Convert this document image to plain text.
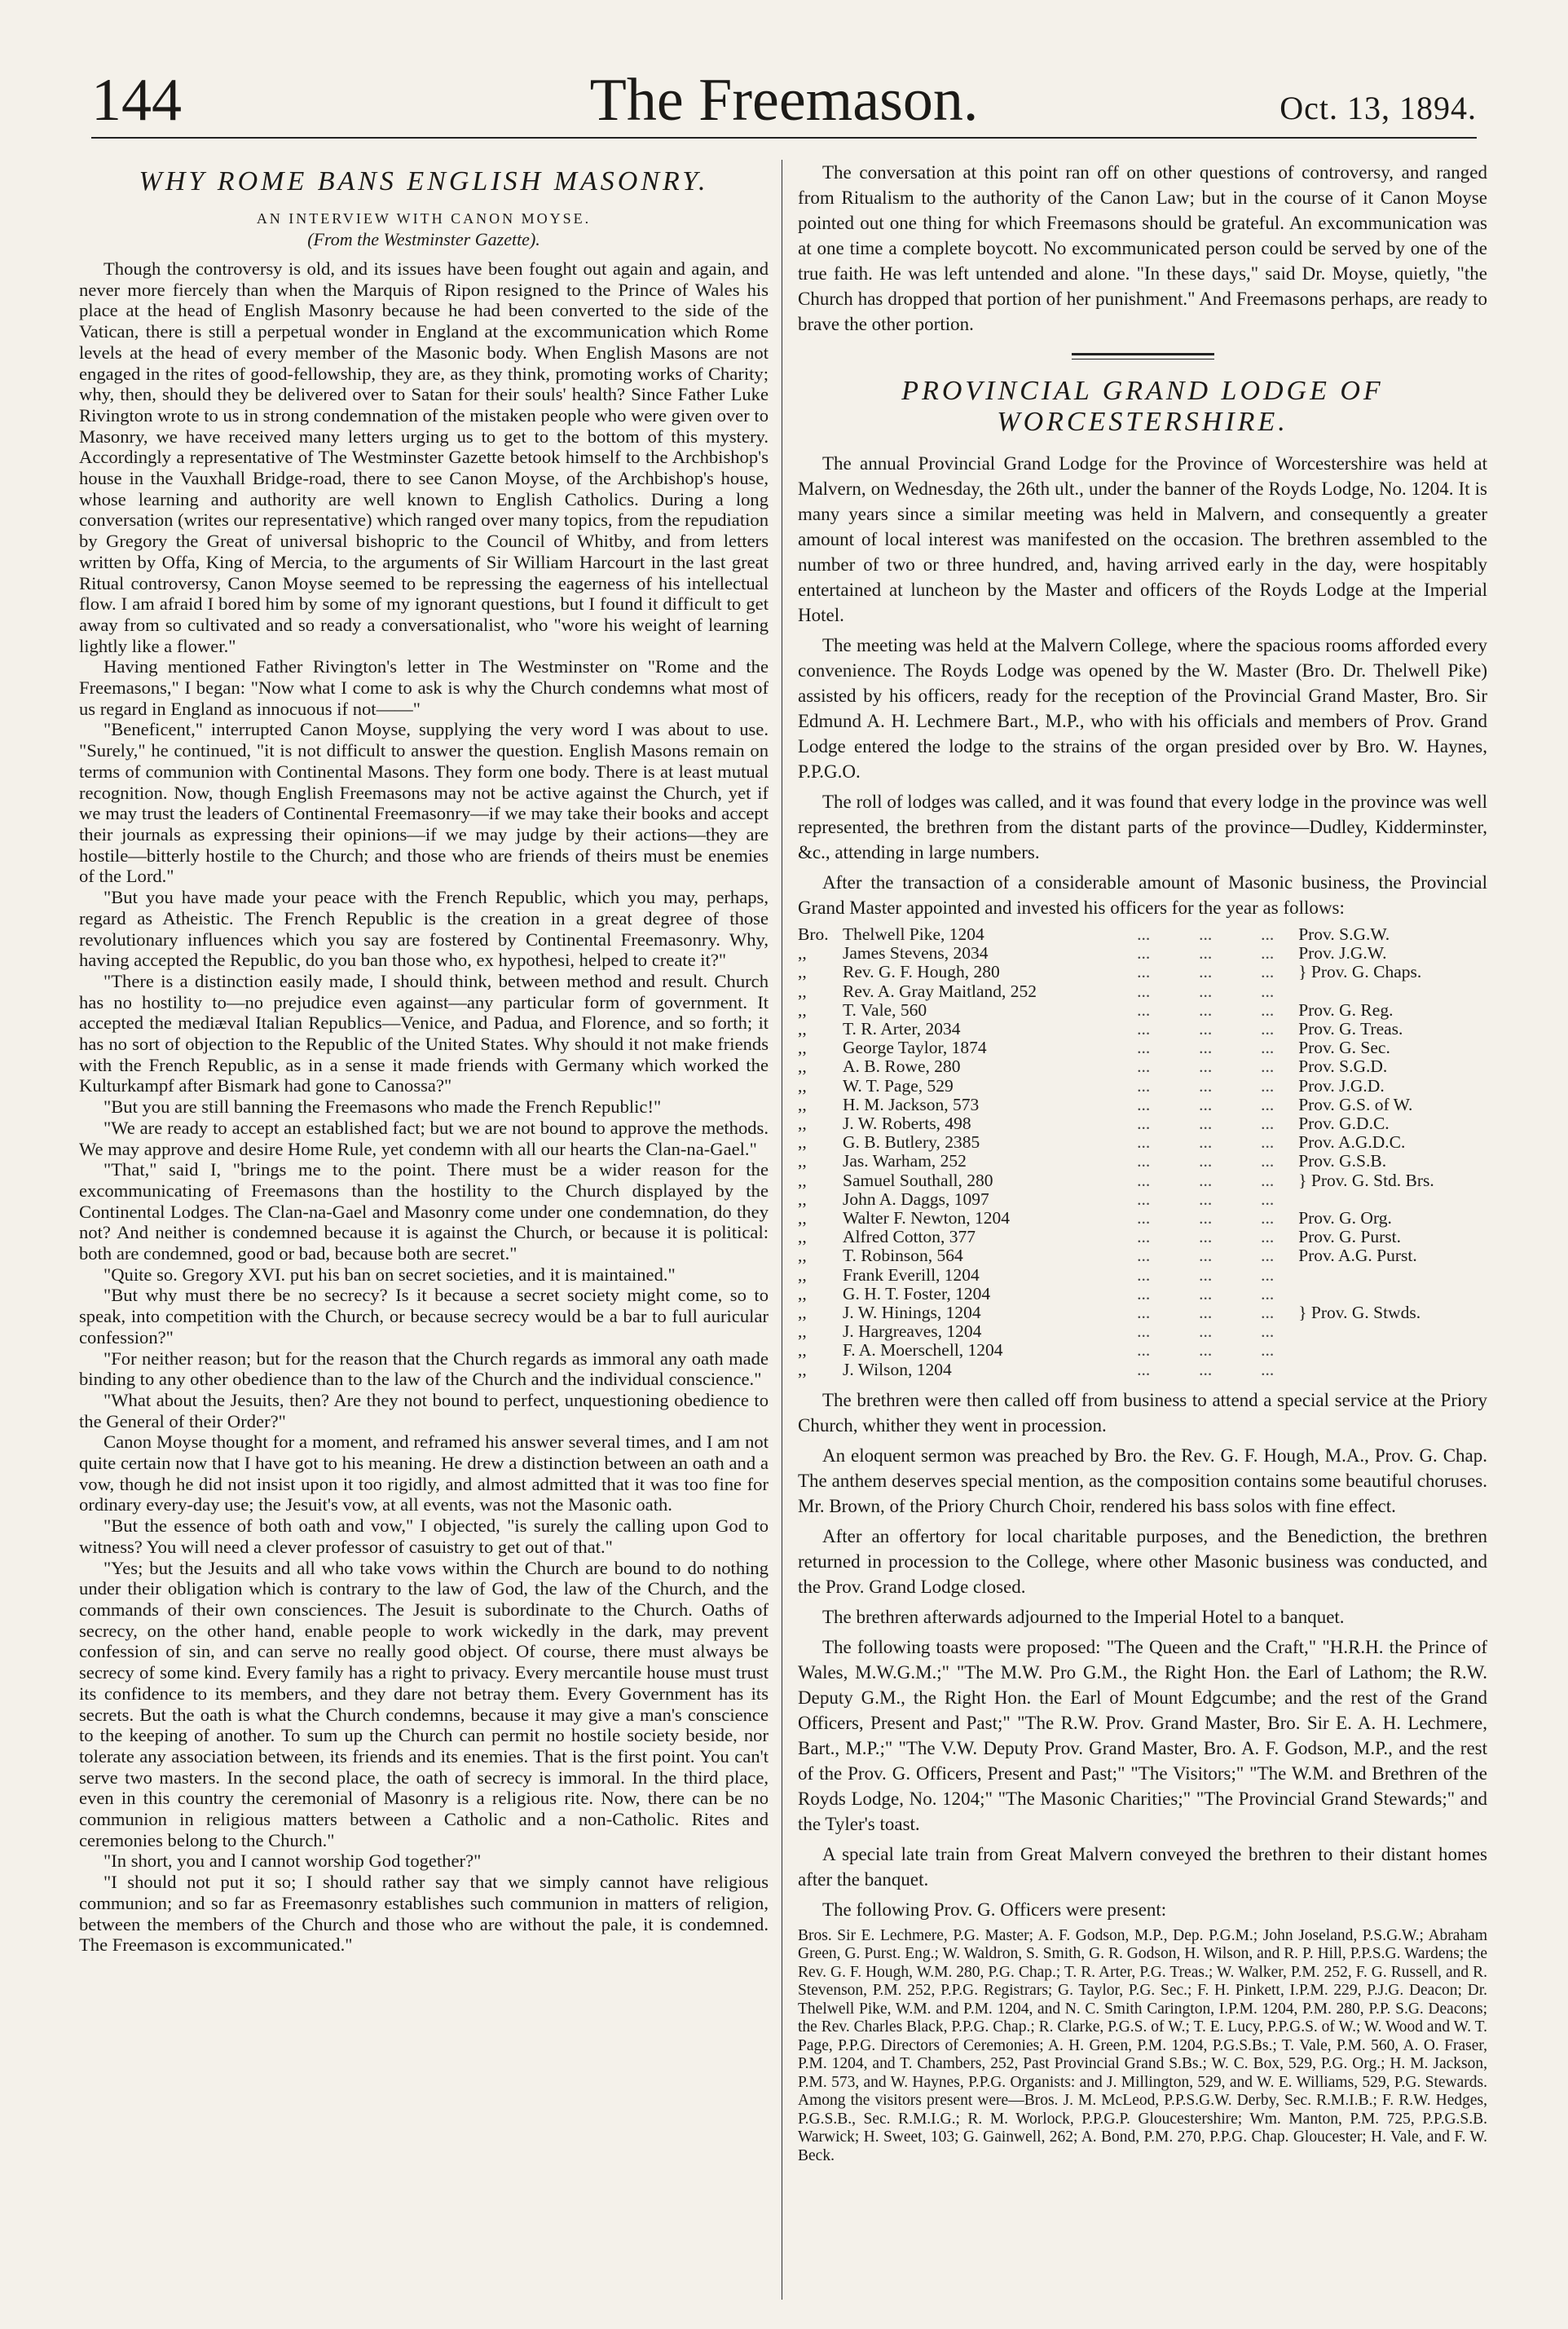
144	The Freemason.	Oct. 13, 1894.
WHY ROME BANS ENGLISH MASONRY.
AN INTERVIEW WITH CANON MOYSE.
(From the Westminster Gazette).

Though the controversy is old, and its issues have been fought out again and again, and never more fiercely than when the Marquis of Ripon resigned to the Prince of Wales his place at the head of English Masonry because he had been converted to the side of the Vatican, there is still a perpetual wonder in England at the excommunication which Rome levels at the head of every member of the Masonic body. When English Masons are not engaged in the rites of good-fellowship, they are, as they think, promoting works of Charity; why, then, should they be delivered over to Satan for their souls' health? Since Father Luke Rivington wrote to us in strong condemnation of the mistaken people who were given over to Masonry, we have received many letters urging us to get to the bottom of this mystery. Accordingly a representative of The Westminster Gazette betook himself to the Archbishop's house in the Vauxhall Bridge-road, there to see Canon Moyse, of the Archbishop's house, whose learning and authority are well known to English Catholics. During a long conversation (writes our representative) which ranged over many topics, from the repudiation by Gregory the Great of universal bishopric to the Council of Whitby, and from letters written by Offa, King of Mercia, to the arguments of Sir William Harcourt in the last great Ritual controversy, Canon Moyse seemed to be repressing the eagerness of his intellectual flow. I am afraid I bored him by some of my ignorant questions, but I found it difficult to get away from so cultivated and so ready a conversationalist, who "wore his weight of learning lightly like a flower."

Having mentioned Father Rivington's letter in The Westminster on "Rome and the Freemasons," I began: "Now what I come to ask is why the Church condemns what most of us regard in England as innocuous if not——"

"Beneficent," interrupted Canon Moyse, supplying the very word I was about to use. "Surely," he continued, "it is not difficult to answer the question. English Masons remain on terms of communion with Continental Masons. They form one body. There is at least mutual recognition. Now, though English Freemasons may not be active against the Church, yet if we may trust the leaders of Continental Freemasonry—if we may take their books and accept their journals as expressing their opinions—if we may judge by their actions—they are hostile—bitterly hostile to the Church; and those who are friends of theirs must be enemies of the Lord."

"But you have made your peace with the French Republic, which you may, perhaps, regard as Atheistic. The French Republic is the creation in a great degree of those revolutionary influences which you say are fostered by Continental Freemasonry. Why, having accepted the Republic, do you ban those who, ex hypothesi, helped to create it?"

"There is a distinction easily made, I should think, between method and result. Church has no hostility to—no prejudice even against—any particular form of government. It accepted the mediæval Italian Republics—Venice, and Padua, and Florence, and so forth; it has no sort of objection to the Republic of the United States. Why should it not make friends with the French Republic, as in a sense it made friends with Germany which worked the Kulturkampf after Bismark had gone to Canossa?"

"But you are still banning the Freemasons who made the French Republic!"

"We are ready to accept an established fact; but we are not bound to approve the methods. We may approve and desire Home Rule, yet condemn with all our hearts the Clan-na-Gael."

"That," said I, "brings me to the point. There must be a wider reason for the excommunicating of Freemasons than the hostility to the Church displayed by the Continental Lodges. The Clan-na-Gael and Masonry come under one condemnation, do they not? And neither is condemned because it is against the Church, or because it is political: both are condemned, good or bad, because both are secret."

"Quite so. Gregory XVI. put his ban on secret societies, and it is maintained."

"But why must there be no secrecy? Is it because a secret society might come, so to speak, into competition with the Church, or because secrecy would be a bar to full auricular confession?"

"For neither reason; but for the reason that the Church regards as immoral any oath made binding to any other obedience than to the law of the Church and the individual conscience."

"What about the Jesuits, then? Are they not bound to perfect, unquestioning obedience to the General of their Order?"

Canon Moyse thought for a moment, and reframed his answer several times, and I am not quite certain now that I have got to his meaning. He drew a distinction between an oath and a vow, though he did not insist upon it too rigidly, and almost admitted that it was too fine for ordinary every-day use; the Jesuit's vow, at all events, was not the Masonic oath.

"But the essence of both oath and vow," I objected, "is surely the calling upon God to witness? You will need a clever professor of casuistry to get out of that."

"Yes; but the Jesuits and all who take vows within the Church are bound to do nothing under their obligation which is contrary to the law of God, the law of the Church, and the commands of their own consciences. The Jesuit is subordinate to the Church. Oaths of secrecy, on the other hand, enable people to work wickedly in the dark, may prevent confession of sin, and can serve no really good object. Of course, there must always be secrecy of some kind. Every family has a right to privacy. Every mercantile house must trust its confidence to its members, and they dare not betray them. Every Government has its secrets. But the oath is what the Church condemns, because it may give a man's conscience to the keeping of another. To sum up the Church can permit no hostile society beside, nor tolerate any association between, its friends and its enemies. That is the first point. You can't serve two masters. In the second place, the oath of secrecy is immoral. In the third place, even in this country the ceremonial of Masonry is a religious rite. Now, there can be no communion in religious matters between a Catholic and a non-Catholic. Rites and ceremonies belong to the Church."

"In short, you and I cannot worship God together?"

"I should not put it so; I should rather say that we simply cannot have religious communion; and so far as Freemasonry establishes such communion in matters of religion, between the members of the Church and those who are without the pale, it is condemned. The Freemason is excommunicated."

The conversation at this point ran off on other questions of controversy, and ranged from Ritualism to the authority of the Canon Law; but in the course of it Canon Moyse pointed out one thing for which Freemasons should be grateful. An excommunication was at one time a complete boycott. No excommunicated person could be served by one of the true faith. He was left untended and alone. "In these days," said Dr. Moyse, quietly, "the Church has dropped that portion of her punishment." And Freemasons perhaps, are ready to brave the other portion.

PROVINCIAL GRAND LODGE OF WORCESTERSHIRE.

The annual Provincial Grand Lodge for the Province of Worcestershire was held at Malvern, on Wednesday, the 26th ult., under the banner of the Royds Lodge, No. 1204. It is many years since a similar meeting was held in Malvern, and consequently a greater amount of local interest was manifested on the occasion. The brethren assembled to the number of two or three hundred, and, having arrived early in the day, were hospitably entertained at luncheon by the Master and officers of the Royds Lodge at the Imperial Hotel.

The meeting was held at the Malvern College, where the spacious rooms afforded every convenience. The Royds Lodge was opened by the W. Master (Bro. Dr. Thelwell Pike) assisted by his officers, ready for the reception of the Provincial Grand Master, Bro. Sir Edmund A. H. Lechmere Bart., M.P., who with his officials and members of Prov. Grand Lodge entered the lodge to the strains of the organ presided over by Bro. W. Haynes, P.P.G.O.

The roll of lodges was called, and it was found that every lodge in the province was well represented, the brethren from the distant parts of the province—Dudley, Kidderminster, &c., attending in large numbers.

After the transaction of a considerable amount of Masonic business, the Provincial Grand Master appointed and invested his officers for the year as follows:

Bro.	Thelwell Pike, 1204	...	...	...	Prov. S.G.W.
,,	James Stevens, 2034	...	...	...	Prov. J.G.W.
,,	Rev. G. F. Hough, 280	...	...	...	} Prov. G. Chaps.
,,	Rev. A. Gray Maitland, 252	...	...	...	
,,	T. Vale, 560	...	...	...	Prov. G. Reg.
,,	T. R. Arter, 2034	...	...	...	Prov. G. Treas.
,,	George Taylor, 1874	...	...	...	Prov. G. Sec.
,,	A. B. Rowe, 280	...	...	...	Prov. S.G.D.
,,	W. T. Page, 529	...	...	...	Prov. J.G.D.
,,	H. M. Jackson, 573	...	...	...	Prov. G.S. of W.
,,	J. W. Roberts, 498	...	...	...	Prov. G.D.C.
,,	G. B. Butlery, 2385	...	...	...	Prov. A.G.D.C.
,,	Jas. Warham, 252	...	...	...	Prov. G.S.B.
,,	Samuel Southall, 280	...	...	...	} Prov. G. Std. Brs.
,,	John A. Daggs, 1097	...	...	...	
,,	Walter F. Newton, 1204	...	...	...	Prov. G. Org.
,,	Alfred Cotton, 377	...	...	...	Prov. G. Purst.
,,	T. Robinson, 564	...	...	...	Prov. A.G. Purst.
,,	Frank Everill, 1204	...	...	...	
,,	G. H. T. Foster, 1204	...	...	...	
,,	J. W. Hinings, 1204	...	...	...	} Prov. G. Stwds.
,,	J. Hargreaves, 1204	...	...	...	
,,	F. A. Moerschell, 1204	...	...	...	
,,	J. Wilson, 1204	...	...	...	

The brethren were then called off from business to attend a special service at the Priory Church, whither they went in procession.

An eloquent sermon was preached by Bro. the Rev. G. F. Hough, M.A., Prov. G. Chap. The anthem deserves special mention, as the composition contains some beautiful choruses. Mr. Brown, of the Priory Church Choir, rendered his bass solos with fine effect.

After an offertory for local charitable purposes, and the Benediction, the brethren returned in procession to the College, where other Masonic business was conducted, and the Prov. Grand Lodge closed.

The brethren afterwards adjourned to the Imperial Hotel to a banquet.

The following toasts were proposed: "The Queen and the Craft," "H.R.H. the Prince of Wales, M.W.G.M.;" "The M.W. Pro G.M., the Right Hon. the Earl of Lathom; the R.W. Deputy G.M., the Right Hon. the Earl of Mount Edgcumbe; and the rest of the Grand Officers, Present and Past;" "The R.W. Prov. Grand Master, Bro. Sir E. A. H. Lechmere, Bart., M.P.;" "The V.W. Deputy Prov. Grand Master, Bro. A. F. Godson, M.P., and the rest of the Prov. G. Officers, Present and Past;" "The Visitors;" "The W.M. and Brethren of the Royds Lodge, No. 1204;" "The Masonic Charities;" "The Provincial Grand Stewards;" and the Tyler's toast.

A special late train from Great Malvern conveyed the brethren to their distant homes after the banquet.

The following Prov. G. Officers were present:

Bros. Sir E. Lechmere, P.G. Master; A. F. Godson, M.P., Dep. P.G.M.; John Joseland, P.S.G.W.; Abraham Green, G. Purst. Eng.; W. Waldron, S. Smith, G. R. Godson, H. Wilson, and R. P. Hill, P.P.S.G. Wardens; the Rev. G. F. Hough, W.M. 280, P.G. Chap.; T. R. Arter, P.G. Treas.; W. Walker, P.M. 252, F. G. Russell, and R. Stevenson, P.M. 252, P.P.G. Registrars; G. Taylor, P.G. Sec.; F. H. Pinkett, I.P.M. 229, P.J.G. Deacon; Dr. Thelwell Pike, W.M. and P.M. 1204, and N. C. Smith Carington, I.P.M. 1204, P.M. 280, P.P. S.G. Deacons; the Rev. Charles Black, P.P.G. Chap.; R. Clarke, P.G.S. of W.; T. E. Lucy, P.P.G.S. of W.; W. Wood and W. T. Page, P.P.G. Directors of Ceremonies; A. H. Green, P.M. 1204, P.G.S.Bs.; T. Vale, P.M. 560, A. O. Fraser, P.M. 1204, and T. Chambers, 252, Past Provincial Grand S.Bs.; W. C. Box, 529, P.G. Org.; H. M. Jackson, P.M. 573, and W. Haynes, P.P.G. Organists: and J. Millington, 529, and W. E. Williams, 529, P.G. Stewards. Among the visitors present were—Bros. J. M. McLeod, P.P.S.G.W. Derby, Sec. R.M.I.B.; F. R.W. Hedges, P.G.S.B., Sec. R.M.I.G.; R. M. Worlock, P.P.G.P. Gloucestershire; Wm. Manton, P.M. 725, P.P.G.S.B. Warwick; H. Sweet, 103; G. Gainwell, 262; A. Bond, P.M. 270, P.P.G. Chap. Gloucester; H. Vale, and F. W. Beck.
